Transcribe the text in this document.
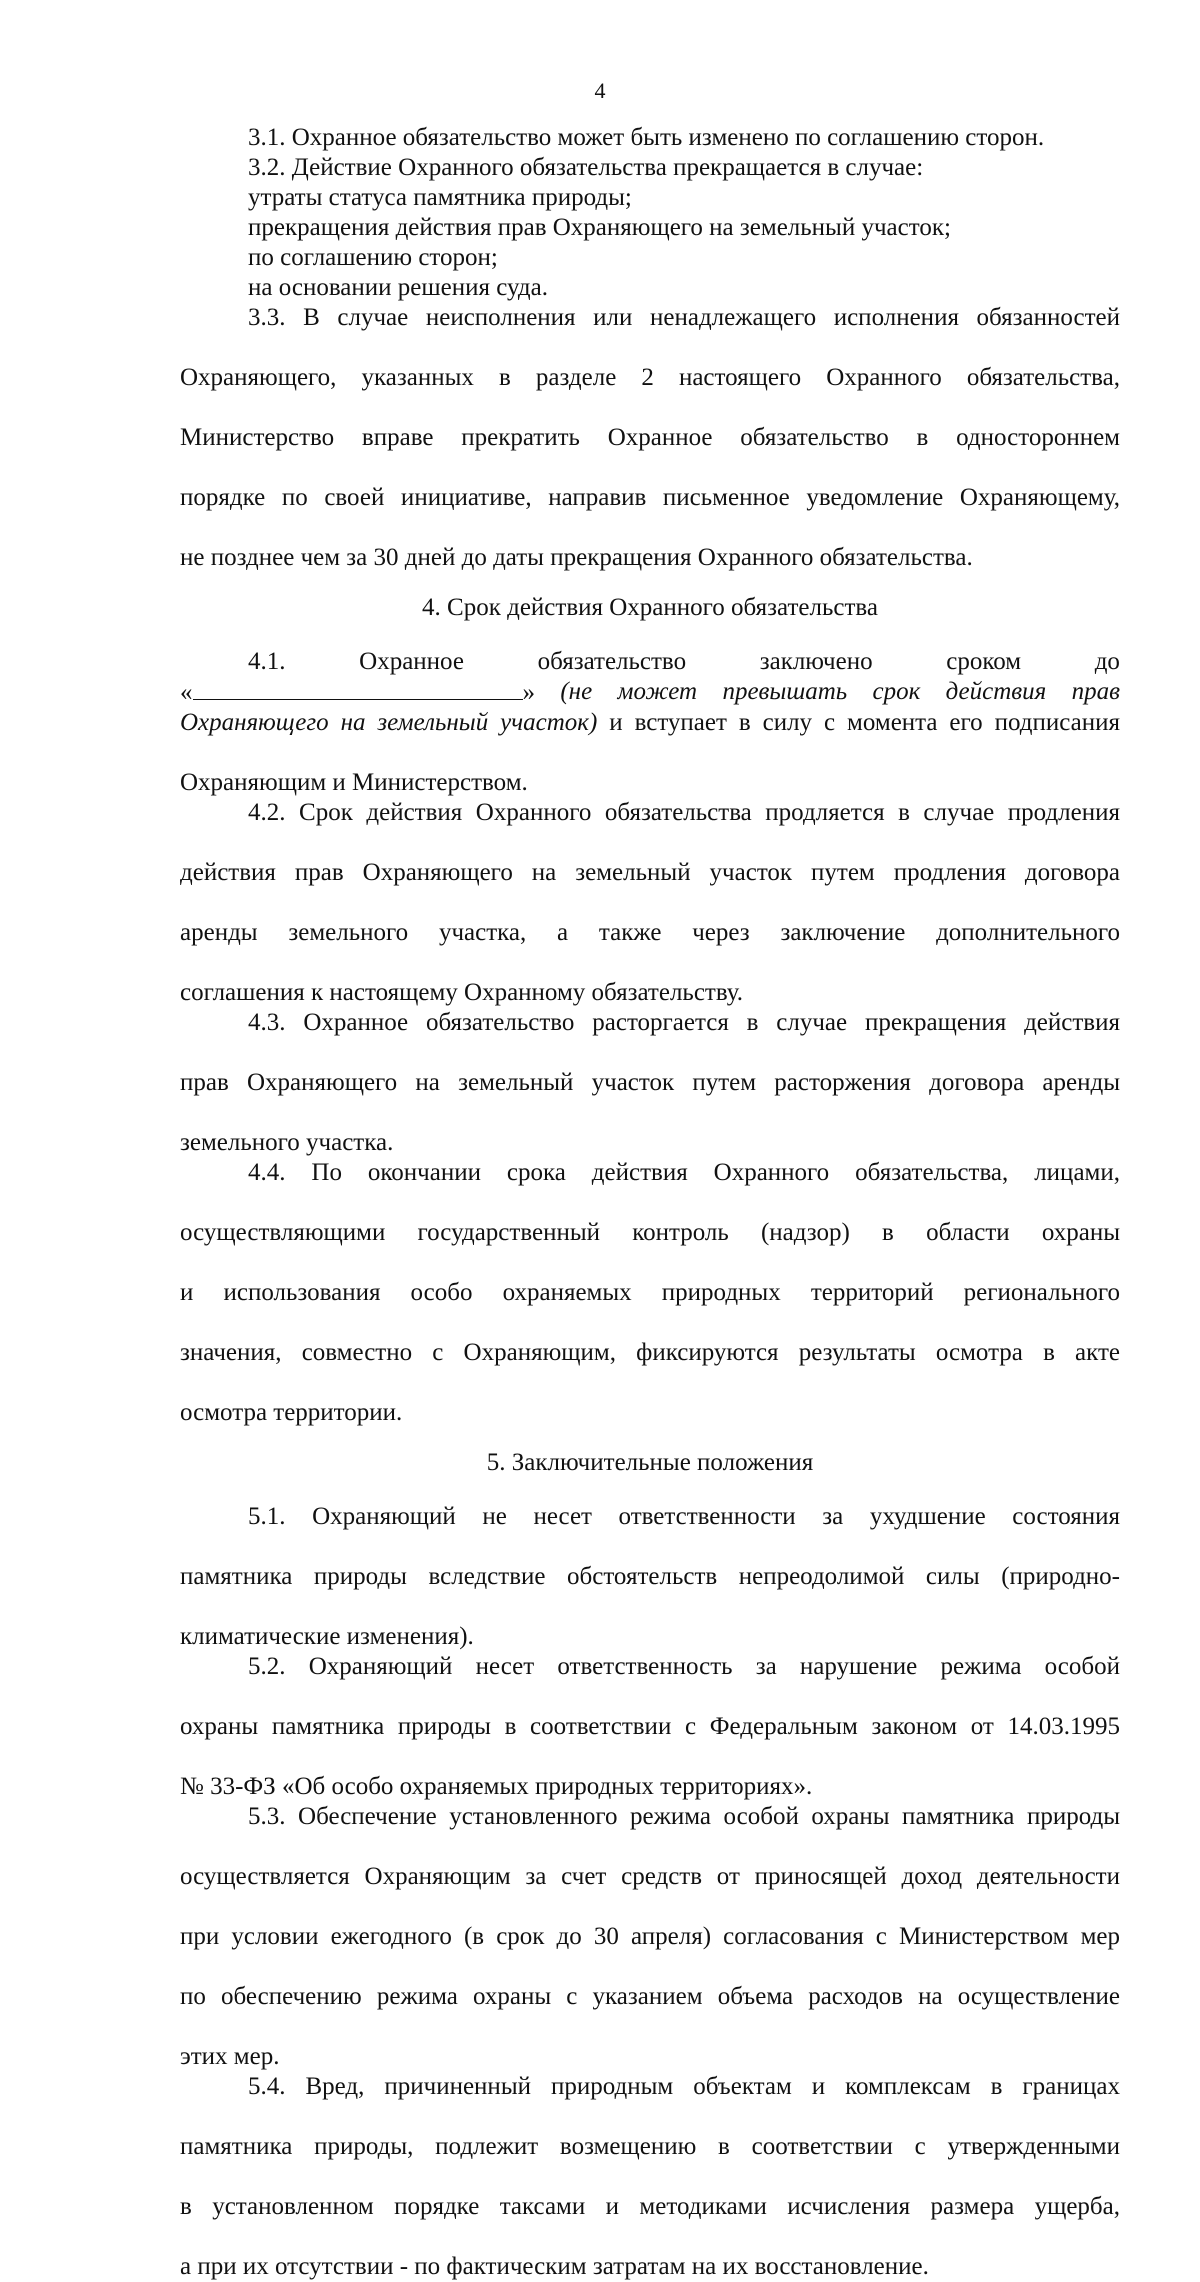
4

3.1. Охранное обязательство может быть изменено по соглашению сторон.

3.2. Действие Охранного обязательства прекращается в случае:

утраты статуса памятника природы;

прекращения действия прав Охраняющего на земельный участок;

по соглашению сторон;

на основании решения суда.

3.3. В случае неисполнения или ненадлежащего исполнения обязанностей

Охраняющего, указанных в разделе 2 настоящего Охранного обязательства,

Министерство вправе прекратить Охранное обязательство в одностороннем

порядке по своей инициативе, направив письменное уведомление Охраняющему,

не позднее чем за 30 дней до даты прекращения Охранного обязательства.

4. Срок действия Охранного обязательства

4.1.	Охранное	обязательство	заключено	сроком	до
«	» (не может превышать срок действия прав

Охраняющего на земельный участок) и вступает в силу с момента его подписания

Охраняющим и Министерством.

4.2. Срок действия Охранного обязательства продляется в случае продления

действия прав Охраняющего на земельный участок путем продления договора

аренды земельного участка, а также через заключение дополнительного

соглашения к настоящему Охранному обязательству.

4.3. Охранное обязательство расторгается в случае прекращения действия

прав Охраняющего на земельный участок путем расторжения договора аренды

земельного участка.

4.4. По окончании срока действия Охранного обязательства, лицами,

осуществляющими государственный контроль (надзор) в области охраны

и использования особо охраняемых природных территорий регионального

значения, совместно с Охраняющим, фиксируются результаты осмотра в акте

осмотра территории.

5. Заключительные положения

5.1. Охраняющий не несет ответственности за ухудшение состояния

памятника природы вследствие обстоятельств непреодолимой силы (природно-

климатические изменения).

5.2. Охраняющий несет ответственность за нарушение режима особой

охраны памятника природы в соответствии с Федеральным законом от 14.03.1995

№ 33-ФЗ «Об особо охраняемых природных территориях».

5.3. Обеспечение установленного режима особой охраны памятника природы

осуществляется Охраняющим за счет средств от приносящей доход деятельности

при условии ежегодного (в срок до 30 апреля) согласования с Министерством мер

по обеспечению режима охраны с указанием объема расходов на осуществление

этих мер.

5.4. Вред, причиненный природным объектам и комплексам в границах

памятника природы, подлежит возмещению в соответствии с утвержденными

в установленном порядке таксами и методиками исчисления размера ущерба,

а при их отсутствии - по фактическим затратам на их восстановление.
